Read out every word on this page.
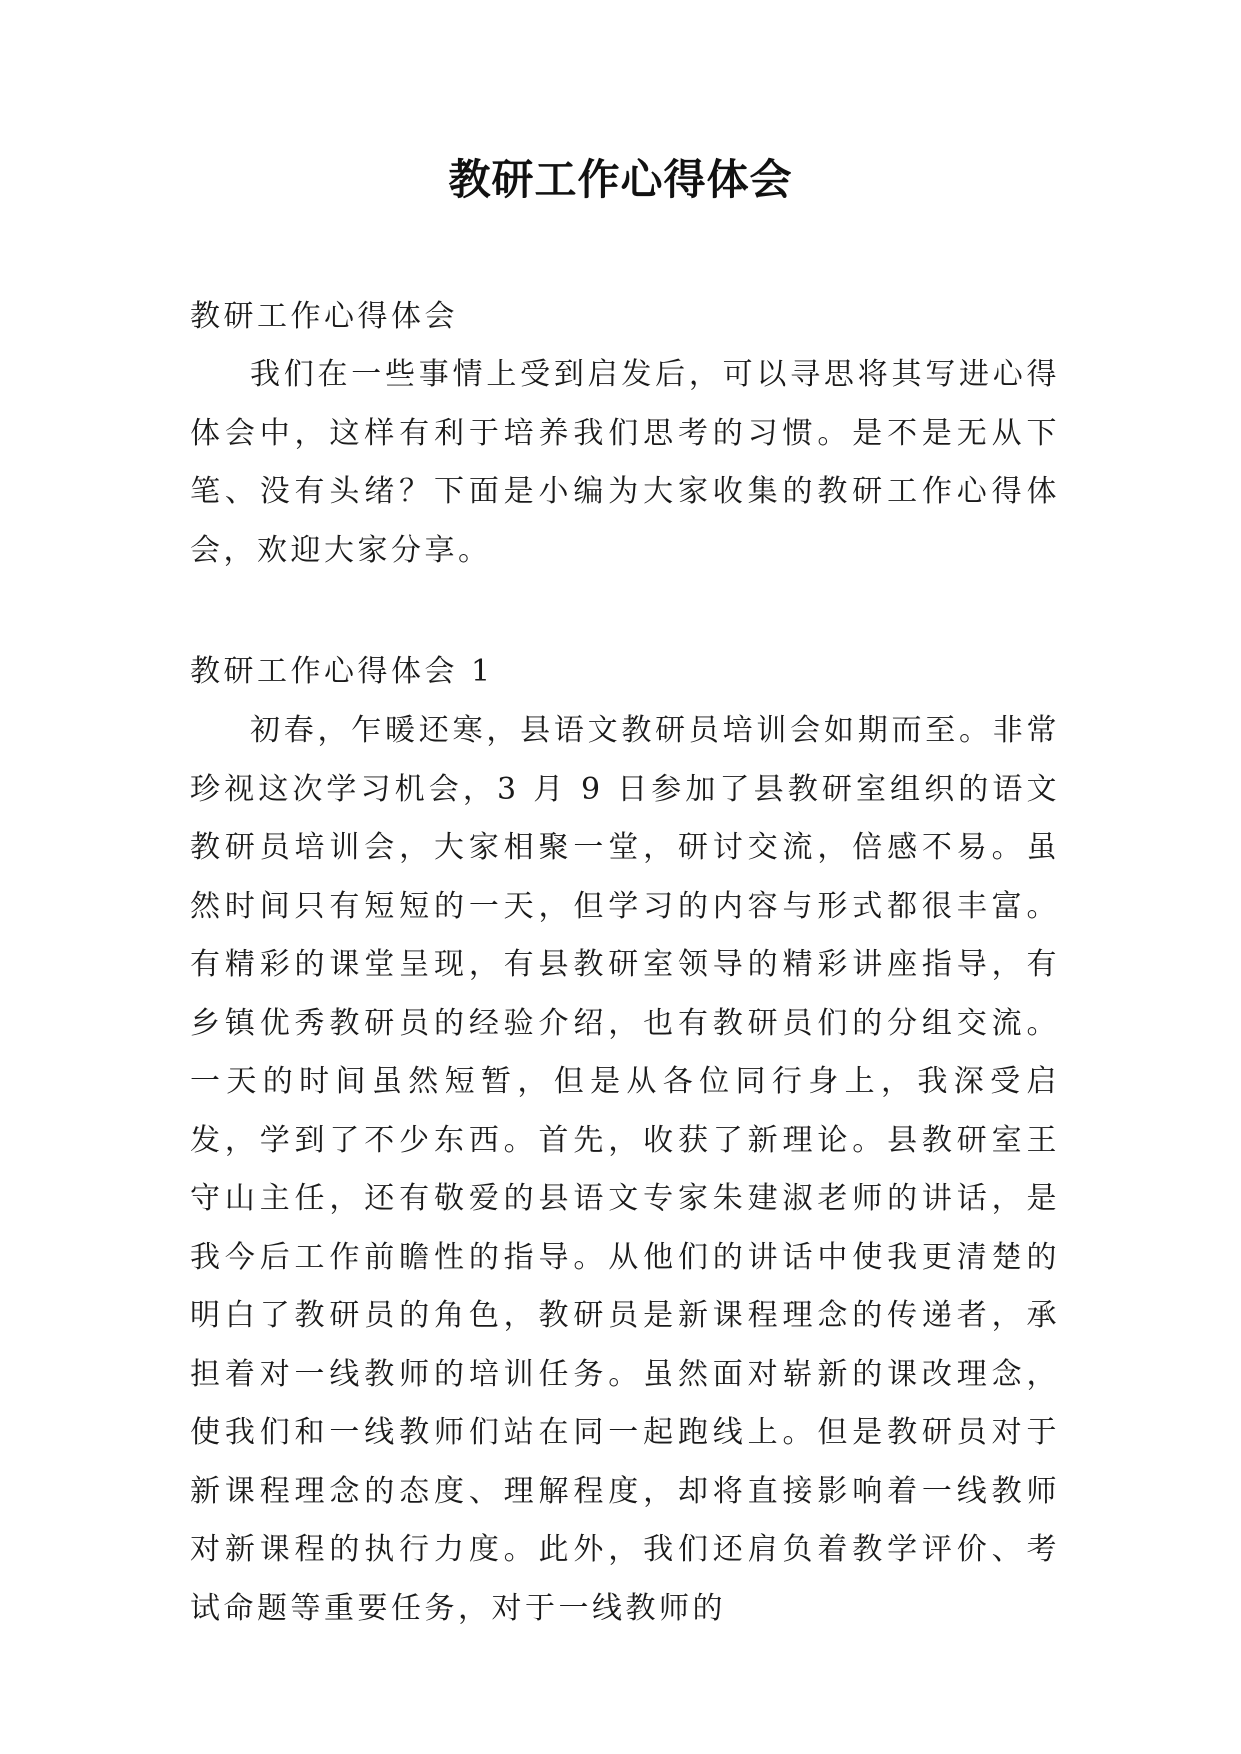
教研工作心得体会
教研工作心得体会

我们在一些事情上受到启发后，可以寻思将其写进心得体会中，这样有利于培养我们思考的习惯。是不是无从下笔、没有头绪？下面是小编为大家收集的教研工作心得体会，欢迎大家分享。

教研工作心得体会 1

初春，乍暖还寒，县语文教研员培训会如期而至。非常珍视这次学习机会，3 月 9 日参加了县教研室组织的语文教研员培训会，大家相聚一堂，研讨交流，倍感不易。虽然时间只有短短的一天，但学习的内容与形式都很丰富。有精彩的课堂呈现，有县教研室领导的精彩讲座指导，有乡镇优秀教研员的经验介绍，也有教研员们的分组交流。一天的时间虽然短暂，但是从各位同行身上，我深受启发，学到了不少东西。首先，收获了新理论。县教研室王守山主任，还有敬爱的县语文专家朱建淑老师的讲话，是我今后工作前瞻性的指导。从他们的讲话中使我更清楚的明白了教研员的角色，教研员是新课程理念的传递者，承担着对一线教师的培训任务。虽然面对崭新的课改理念，使我们和一线教师们站在同一起跑线上。但是教研员对于新课程理念的态度、理解程度，却将直接影响着一线教师对新课程的执行力度。此外，我们还肩负着教学评价、考试命题等重要任务，对于一线教师的
